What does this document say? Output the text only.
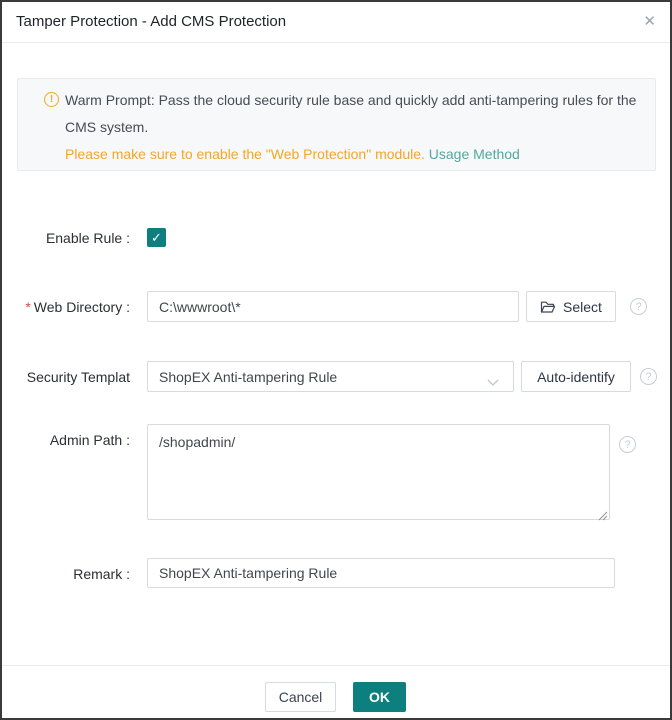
Tamper Protection - Add CMS Protection	✕
! Warm Prompt: Pass the cloud security rule base and quickly add anti-tampering rules for the CMS system.
Please make sure to enable the "Web Protection" module. Usage Method
Enable Rule : ✓
* Web Directory :
C:\wwwroot\*	Select	?
Security Templat ShopEX Anti-tampering Rule	Auto-identify	?
Admin Path :
/shopadmin/	?
Remark :
ShopEX Anti-tampering Rule
Cancel	OK
